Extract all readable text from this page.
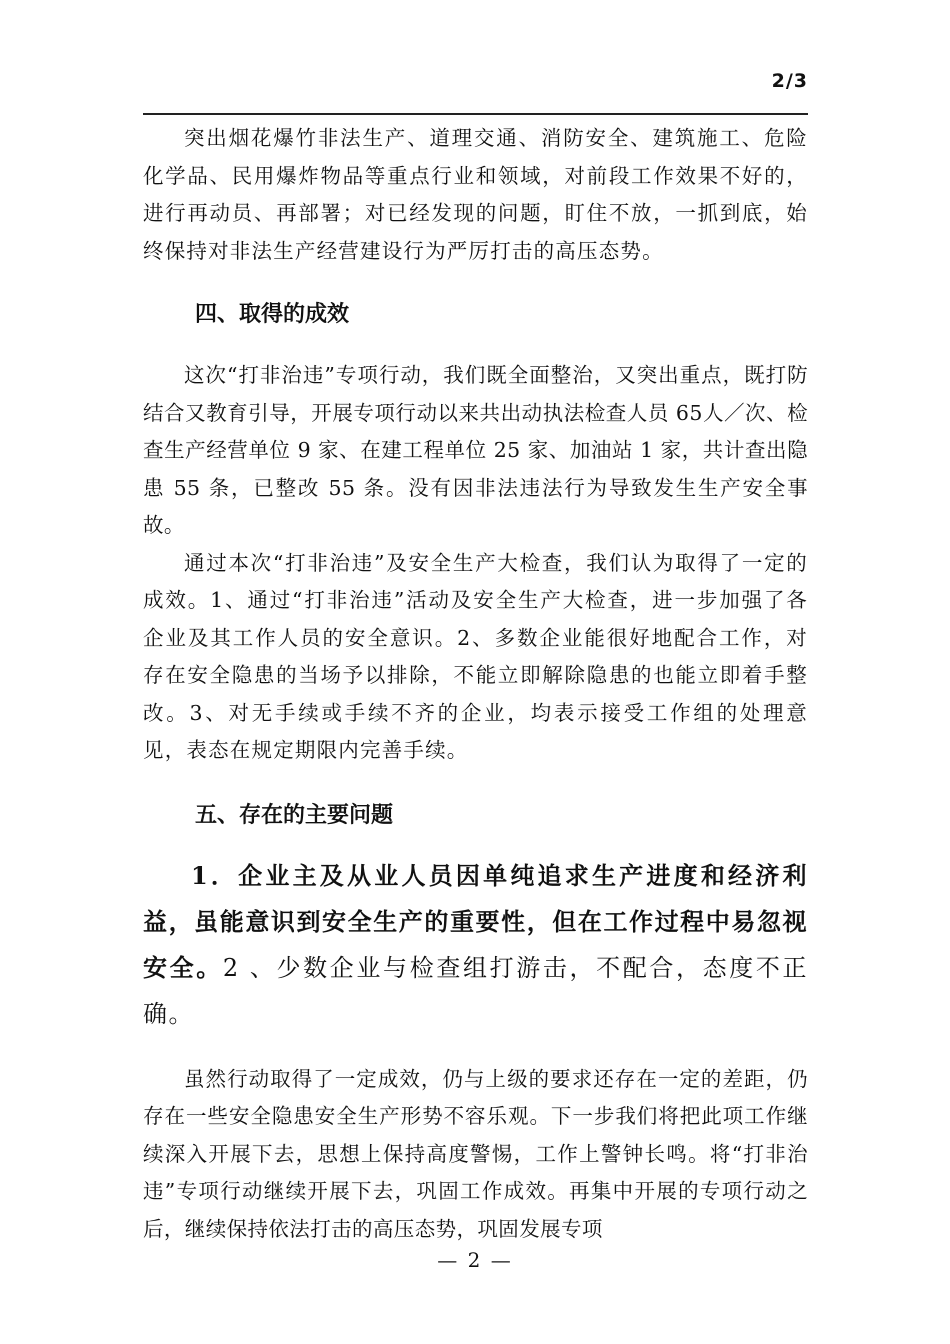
2/3

突出烟花爆竹非法生产、道理交通、消防安全、建筑施工、危险化学品、民用爆炸物品等重点行业和领域，对前段工作效果不好的，进行再动员、再部署；对已经发现的问题，盯住不放，一抓到底，始终保持对非法生产经营建设行为严厉打击的高压态势。

四、取得的成效

这次“打非治违”专项行动，我们既全面整治，又突出重点，既打防结合又教育引导，开展专项行动以来共出动执法检查人员 65人／次、检查生产经营单位 9 家、在建工程单位 25 家、加油站 1 家，共计查出隐患 55 条，已整改 55 条。没有因非法违法行为导致发生生产安全事故。

通过本次“打非治违”及安全生产大检查，我们认为取得了一定的成效。1、通过“打非治违”活动及安全生产大检查，进一步加强了各企业及其工作人员的安全意识。2、多数企业能很好地配合工作，对存在安全隐患的当场予以排除，不能立即解除隐患的也能立即着手整改。3、对无手续或手续不齐的企业，均表示接受工作组的处理意见，表态在规定期限内完善手续。

五、存在的主要问题

1．企业主及从业人员因单纯追求生产进度和经济利益，虽能意识到安全生产的重要性，但在工作过程中易忽视安全。2 、少数企业与检查组打游击，不配合，态度不正确。

虽然行动取得了一定成效，仍与上级的要求还存在一定的差距，仍存在一些安全隐患安全生产形势不容乐观。下一步我们将把此项工作继续深入开展下去，思想上保持高度警惕，工作上警钟长鸣。将“打非治违”专项行动继续开展下去，巩固工作成效。再集中开展的专项行动之后，继续保持依法打击的高压态势，巩固发展专项

— 2 —
